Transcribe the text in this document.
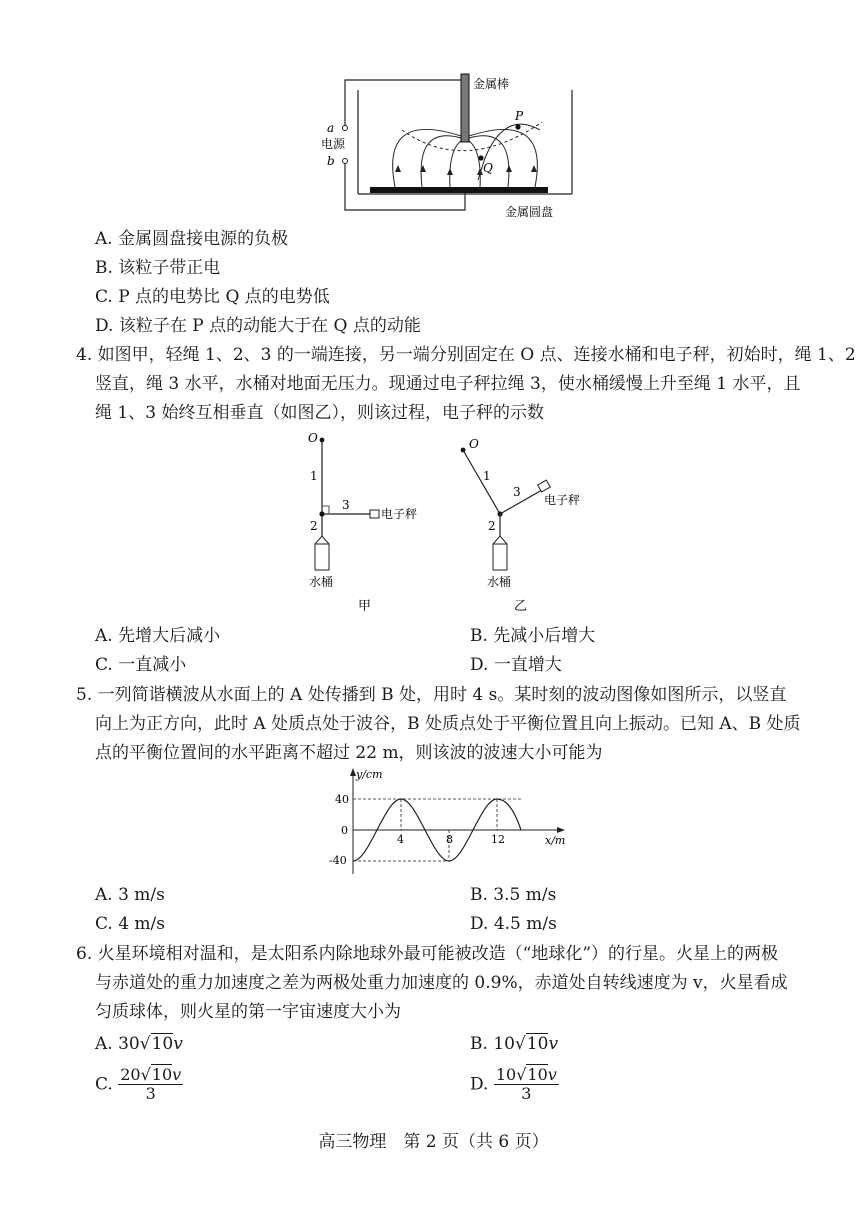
a
电 源
b
P
Q
金属棒
金属圆盘
A. 金属圆盘接电源的负极
B. 该粒子带正电
C. P 点的电势比 Q 点的电势低
D. 该粒子在 P 点的动能大于在 Q 点的动能
4. 如图甲，轻绳 1、2、3 的一端连接，另一端分别固定在 O 点、连接水桶和电子秤，初始时，绳 1、2
竖直，绳 3 水平，水桶对地面无压力。现通过电子秤拉绳 3，使水桶缓慢上升至绳 1 水平，且
绳 1、3 始终互相垂直（如图乙），则该过程，电子秤的示数
O
1
3
电子秤
2
水桶
甲
O
1
3
电子秤
2
水桶
乙
A. 先增大后减小	B. 先减小后增大
C. 一直减小	D. 一直增大
5. 一列简谐横波从水面上的 A 处传播到 B 处，用时 4 s。某时刻的波动图像如图所示，以竖直
向上为正方向，此时 A 处质点处于波谷，B 处质点处于平衡位置且向上振动。已知 A、B 处质
点的平衡位置间的水平距离不超过 22 m，则该波的波速大小可能为
y/cm
x/m
40
0
-40
4	8	12
A. 3 m/s	B. 3.5 m/s
C. 4 m/s	D. 4.5 m/s
6. 火星环境相对温和，是太阳系内除地球外最可能被改造（“地球化”）的行星。火星上的两极
与赤道处的重力加速度之差为两极处重力加速度的 0.9%，赤道处自转线速度为 v，火星看成
匀质球体，则火星的第一宇宙速度大小为
A. 30√10v	B. 10√10v
C. $\frac{20√10v}{3}$	D. $\frac{10√10v}{3}$
高三物理　第 2 页（共 6 页）
